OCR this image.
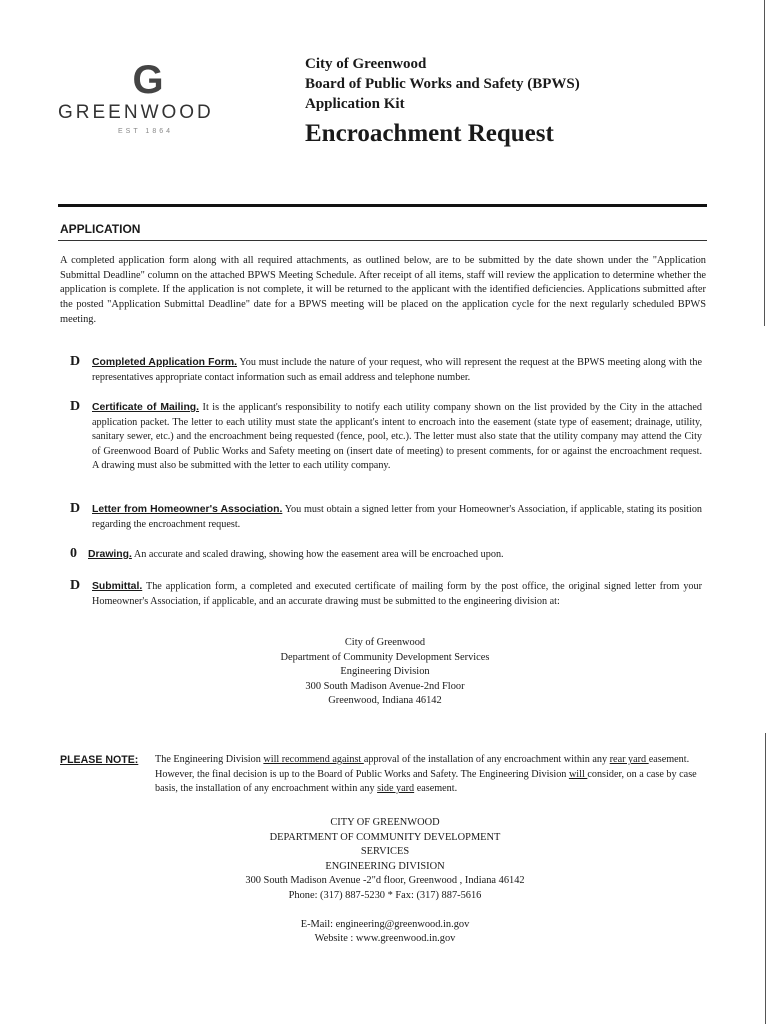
G
GREENWOOD
EST 1864
City of Greenwood
Board of Public Works and Safety (BPWS)
Application Kit
Encroachment Request
APPLICATION
A completed application form along with all required attachments, as outlined below, are to be submitted by the date shown under the "Application Submittal Deadline" column on the attached BPWS Meeting Schedule. After receipt of all items, staff will review the application to determine whether the application is complete. If the application is not complete, it will be returned to the applicant with the identified deficiencies. Applications submitted after the posted "Application Submittal Deadline" date for a BPWS meeting will be placed on the application cycle for the next regularly scheduled BPWS meeting.
D	Completed Application Form. You must include the nature of your request, who will represent the request at the BPWS meeting along with the representatives appropriate contact information such as email address and telephone number.
D	Certificate of Mailing. It is the applicant's responsibility to notify each utility company shown on the list provided by the City in the attached application packet. The letter to each utility must state the applicant's intent to encroach into the easement (state type of easement; drainage, utility, sanitary sewer, etc.) and the encroachment being requested (fence, pool, etc.). The letter must also state that the utility company may attend the City of Greenwood Board of Public Works and Safety meeting on (insert date of meeting) to present comments, for or against the encroachment request. A drawing must also be submitted with the letter to each utility company.
D	Letter from Homeowner's Association. You must obtain a signed letter from your Homeowner's Association, if applicable, stating its position regarding the encroachment request.
0	Drawing. An accurate and scaled drawing, showing how the easement area will be encroached upon.
D	Submittal. The application form, a completed and executed certificate of mailing form by the post office, the original signed letter from your Homeowner's Association, if applicable, and an accurate drawing must be submitted to the engineering division at:
City of Greenwood
Department of Community Development Services
Engineering Division
300 South Madison Avenue-2nd Floor
Greenwood, Indiana 46142
PLEASE NOTE: The Engineering Division will recommend against approval of the installation of any encroachment within any rear yard easement. However, the final decision is up to the Board of Public Works and Safety. The Engineering Division will consider, on a case by case basis, the installation of any encroachment within any side yard easement.
CITY OF GREENWOOD
DEPARTMENT OF COMMUNITY DEVELOPMENT
SERVICES
ENGINEERING DIVISION
300 South Madison Avenue -2"d floor, Greenwood , Indiana 46142
Phone: (317) 887-5230 * Fax: (317) 887-5616
E-Mail: engineering@greenwood.in.gov
Website : www.greenwood.in.gov
